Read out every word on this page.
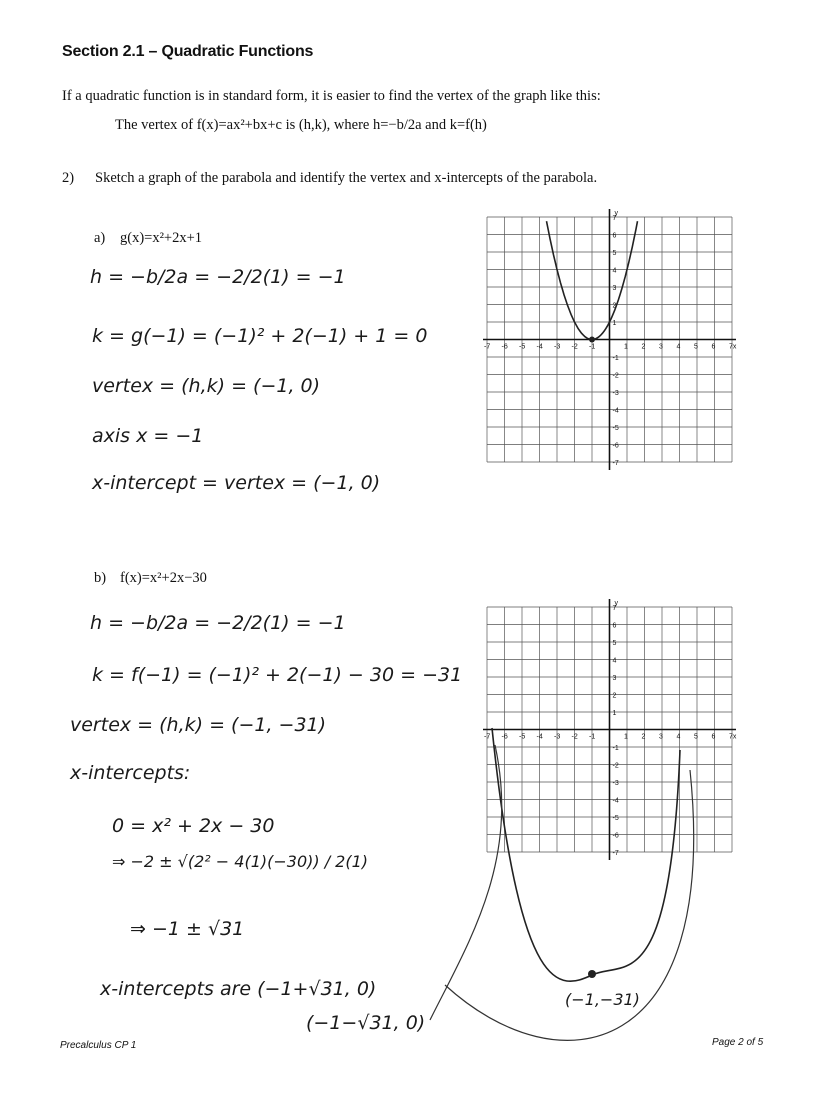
Section 2.1 – Quadratic Functions
If a quadratic function is in standard form, it is easier to find the vertex of the graph like this:
The vertex of f(x)=ax²+bx+c is (h,k), where h=−b/2a and k=f(h)
2) Sketch a graph of the parabola and identify the vertex and x-intercepts of the parabola.
a) g(x)=x²+2x+1
h = −b/2a = −2/2(1) = −1
k = g(−1) = (−1)² + 2(−1) + 1 = 0
vertex = (h,k) = (−1, 0)
axis x = −1
x-intercept = vertex = (−1, 0)
-7 -6 -5 -4 -3 -2 -1	1 2 3 4 5 6 7x
7
6
5
4
3
2
1
-1
-2
-3
-4
-5
-6
-7
y
b) f(x)=x²+2x−30
h = −b/2a = −2/2(1) = −1
k = f(−1) = (−1)² + 2(−1) − 30 = −31
vertex = (h,k) = (−1, −31)
x-intercepts:
0 = x² + 2x − 30
⇒ −2 ± √(2² − 4(1)(−30)) / 2(1)
⇒ −1 ± √31
x-intercepts are (−1+√31, 0)
(−1−√31, 0)
-7 -6 -5 -4 -3 -2 -1	1 2 3 4 5 6 7x
7
6
5
4
3
2
1
-1
-2
-3
-4
-5
-6
-7
y
(−1,−31)
Precalculus CP 1	Page 2 of 5
